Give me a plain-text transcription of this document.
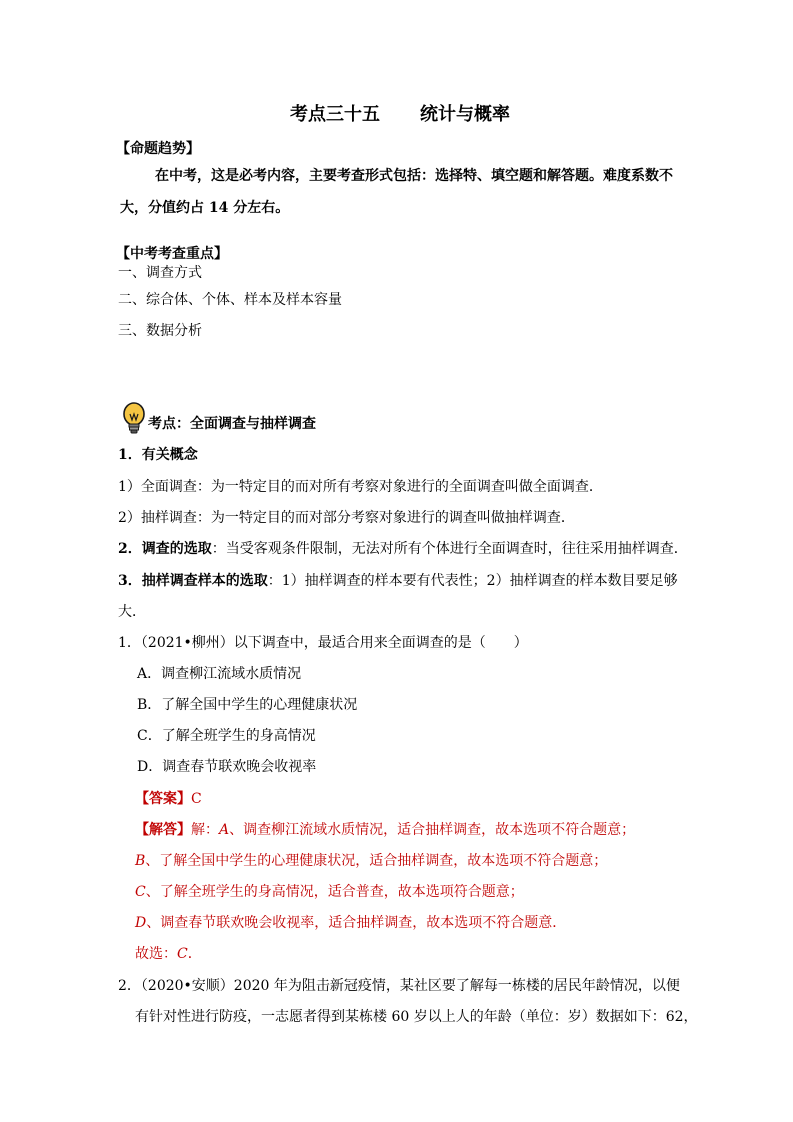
考点三十五 统计与概率
【命题趋势】
在中考，这是必考内容，主要考查形式包括：选择特、填空题和解答题。难度系数不
大，分值约占 14 分左右。
【中考考查重点】
一、调查方式
二、综合体、个体、样本及样本容量
三、数据分析
考点：全面调查与抽样调查
1．有关概念
1）全面调查：为一特定目的而对所有考察对象进行的全面调查叫做全面调查．
2）抽样调查：为一特定目的而对部分考察对象进行的调查叫做抽样调查．
2．调查的选取：当受客观条件限制，无法对所有个体进行全面调查时，往往采用抽样调查．
3．抽样调查样本的选取：1）抽样调查的样本要有代表性；2）抽样调查的样本数目要足够
大．
1．（2021•柳州）以下调查中，最适合用来全面调查的是（　　）
A．调查柳江流域水质情况
B．了解全国中学生的心理健康状况
C．了解全班学生的身高情况
D．调查春节联欢晚会收视率
【答案】C
【解答】解：A、调查柳江流域水质情况，适合抽样调查，故本选项不符合题意；
B、了解全国中学生的心理健康状况，适合抽样调查，故本选项不符合题意；
C、了解全班学生的身高情况，适合普查，故本选项符合题意；
D、调查春节联欢晚会收视率，适合抽样调查，故本选项不符合题意．
故选：C．
2．（2020•安顺）2020 年为阻击新冠疫情，某社区要了解每一栋楼的居民年龄情况，以便
有针对性进行防疫，一志愿者得到某栋楼 60 岁以上人的年龄（单位：岁）数据如下：62，
